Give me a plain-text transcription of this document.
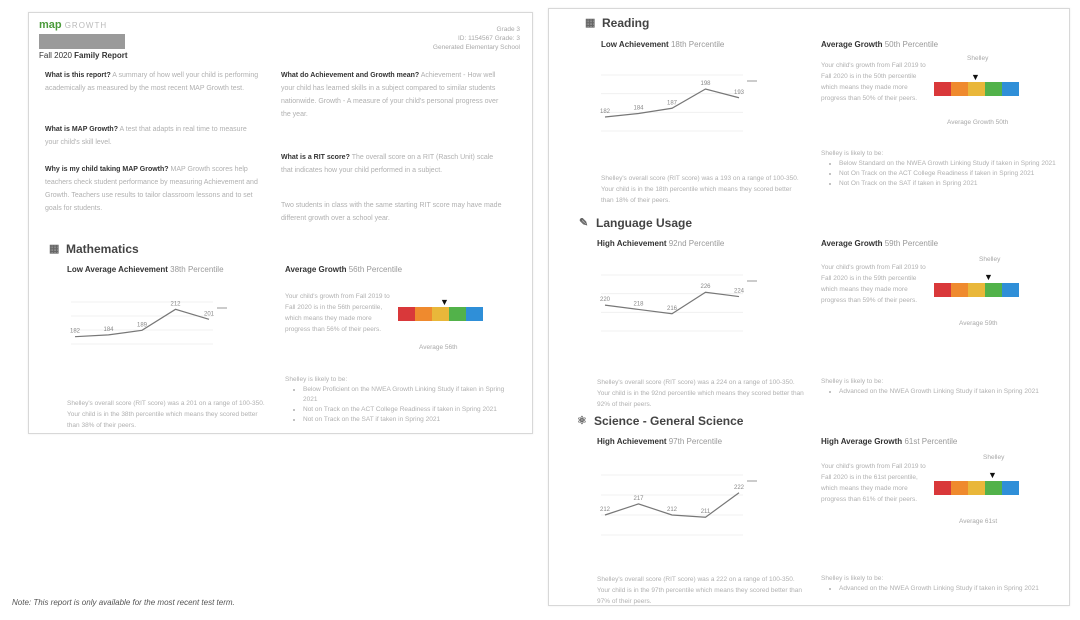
map GROWTH
Fall 2020 Family Report
Grade 3
ID: 1154567 Grade: 3
Generated Elementary School
What is this report? A summary of how well your child is performing academically as measured by the most recent MAP Growth test.
What is MAP Growth? A test that adapts in real time to measure your child's skill level.
Why is my child taking MAP Growth? MAP Growth scores help teachers check student performance by measuring Achievement and Growth. Teachers use results to tailor classroom lessons and to set goals for students.
What do Achievement and Growth mean? Achievement - How well your child has learned skills in a subject compared to similar students nationwide. Growth - A measure of your child's personal progress over the year.
What is a RIT score? The overall score on a RIT (Rasch Unit) scale that indicates how your child performed in a subject.
Two students in class with the same starting RIT score may have made different growth over a school year.
▦ Mathematics
Low Average Achievement 38th Percentile	Average Growth 56th Percentile
182	184
189
212
201
Your child's growth from Fall 2019 to Fall 2020 is in the 56th percentile, which means they made more progress than 56% of their peers.
▼
Average 56th
Shelley's overall score (RIT score) was a 201 on a range of 100-350. Your child is in the 38th percentile which means they scored better than 38% of their peers.
Shelley is likely to be:
• Below Proficient on the NWEA Growth Linking Study if taken in Spring 2021
• Not on Track on the ACT College Readiness if taken in Spring 2021
• Not on Track on the SAT if taken in Spring 2021
▦ Reading
Low Achievement 18th Percentile	Average Growth 50th Percentile
182
184
187
198
193
Your child's growth from Fall 2019 to Fall 2020 is in the 50th percentile which means they made more progress than 50% of their peers.
Shelley
▼
Average Growth 50th
Shelley's overall score (RIT score) was a 193 on a range of 100-350. Your child is in the 18th percentile which means they scored better than 18% of their peers.
Shelley is likely to be:
• Below Standard on the NWEA Growth Linking Study if taken in Spring 2021
• Not On Track on the ACT College Readiness if taken in Spring 2021
• Not On Track on the SAT if taken in Spring 2021
✎ Language Usage
High Achievement 92nd Percentile	Average Growth 59th Percentile
220
218
216
226
224
Your child's growth from Fall 2019 to Fall 2020 is in the 59th percentile which means they made more progress than 59% of their peers.
Shelley
▼
Average 59th
Shelley's overall score (RIT score) was a 224 on a range of 100-350. Your child is in the 92nd percentile which means they scored better than 92% of their peers.
Shelley is likely to be:
• Advanced on the NWEA Growth Linking Study if taken in Spring 2021
⚛ Science - General Science
High Achievement 97th Percentile	High Average Growth 61st Percentile
212
217
212	211
222
Your child's growth from Fall 2019 to Fall 2020 is in the 61st percentile, which means they made more progress than 61% of their peers.
Shelley
▼
Average 61st
Shelley's overall score (RIT score) was a 222 on a range of 100-350. Your child is in the 97th percentile which means they scored better than 97% of their peers.
Shelley is likely to be:
• Advanced on the NWEA Growth Linking Study if taken in Spring 2021
Note: This report is only available for the most recent test term.
